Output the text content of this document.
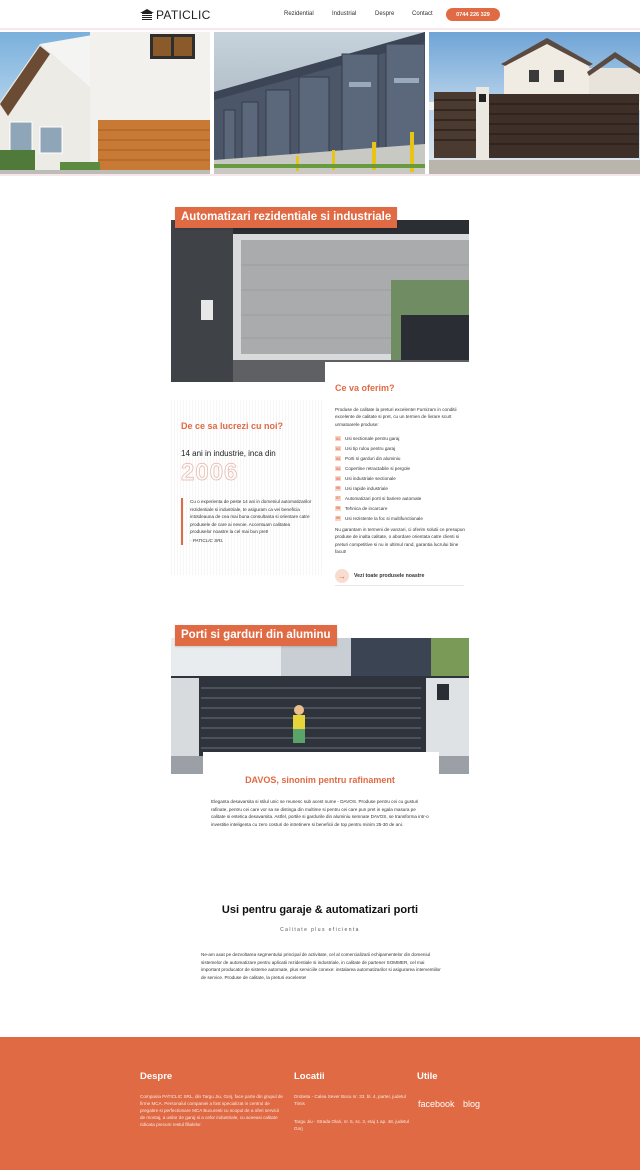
PATICLIC	Rezidential	Industrial	Despre	Contact	0744 226 329
Automatizari rezidentiale si industriale
Ce va oferim?
Produse de calitate la preturi excelente! Furnizam in conditii excelente de calitate si pret, cu un termen de livrare scurt urmatoarele produse:
01 Usi sectionale pentru garaj
02 Usi tip rulou pentru garaj
03 Porti si garduri din aluminiu
04 Copertine retractabile si pergole
05 Usi industriale sectionale
06 Usi rapide industriale
07 Automatizari porti si bariere automate
08 Tehnica de incarcare
09 Usi rezistente la foc si multifunctionale
Nu garantam in termeni de vanzari, ci oferim solutii ce presupun produse de inalta calitate, o abordare orientata catre clienti si preturi competitive si nu in ultimul rand, garantia lucrului bine facut!
→	Vezi toate produsele noastre
De ce sa lucrezi cu noi?
14 ani in industrie, inca din
2006
Cu o experienta de peste 14 ani in domeniul automatizarilor rezidentiale si industriale, te asiguram ca vei beneficia intotdeauna de cea mai buna consultanta si orientare catre produsele de care ai nevoie. Accentuam calitatea produselor noastre la cel mai bun pret!
- PATICLIC SRL
Porti si garduri din aluminu
DAVOS, sinonim pentru rafinament
Eleganta desavarsita si stilul unic se reunesc sub acest nume - DAVOS. Produse pentru cei cu gusturi rafinate, pentru cei care vor sa se distinga din multime si pentru cei care pun pret in egala masura pe calitate si estetica desavarsita. Astfel, portile si gardurile din aluminiu semnate DAVOS, se transforma intr-o investitie inteligenta cu zero costuri de intretinere si beneficii de top pentru minim 25-30 de ani.
Usi pentru garaje & automatizari porti
Calitate plus eficienta
Ne-am axat pe dezvoltarea segmentului principal de activitate, cel al comercializarii echipamentelor din domeniul sistemelor de automatizare pentru aplicatii rezidentiale si industriale, in calitate de partener SOMMER, cel mai important producator de sisteme automate, plus serviciile conexe: instalarea automatizarilor si asigurarea interventiilor de service. Produse de calitate, la preturi excelente!
Despre
Compania PATICLIC SRL, din Targu Jiu, Gorj, face parte din grupul de firme MCA. Personalul companiei a fost specializat in centrul de pregatire si perfectionare MCA Bucuresti cu scopul de a oferi servicii de montaj, a usilor de garaj si a celor industriale, cu aceeasi calitate ridicata precum restul filialelor.
Locatii
Drobeta - Calea Sever Bocu nr. 33, bl. 4, parter, judetul Timis
Targu Jiu - Strada Olari, nr. 5, sc. 3, etaj 1 ap. 48, judetul Gorj
Utile
facebook blog
